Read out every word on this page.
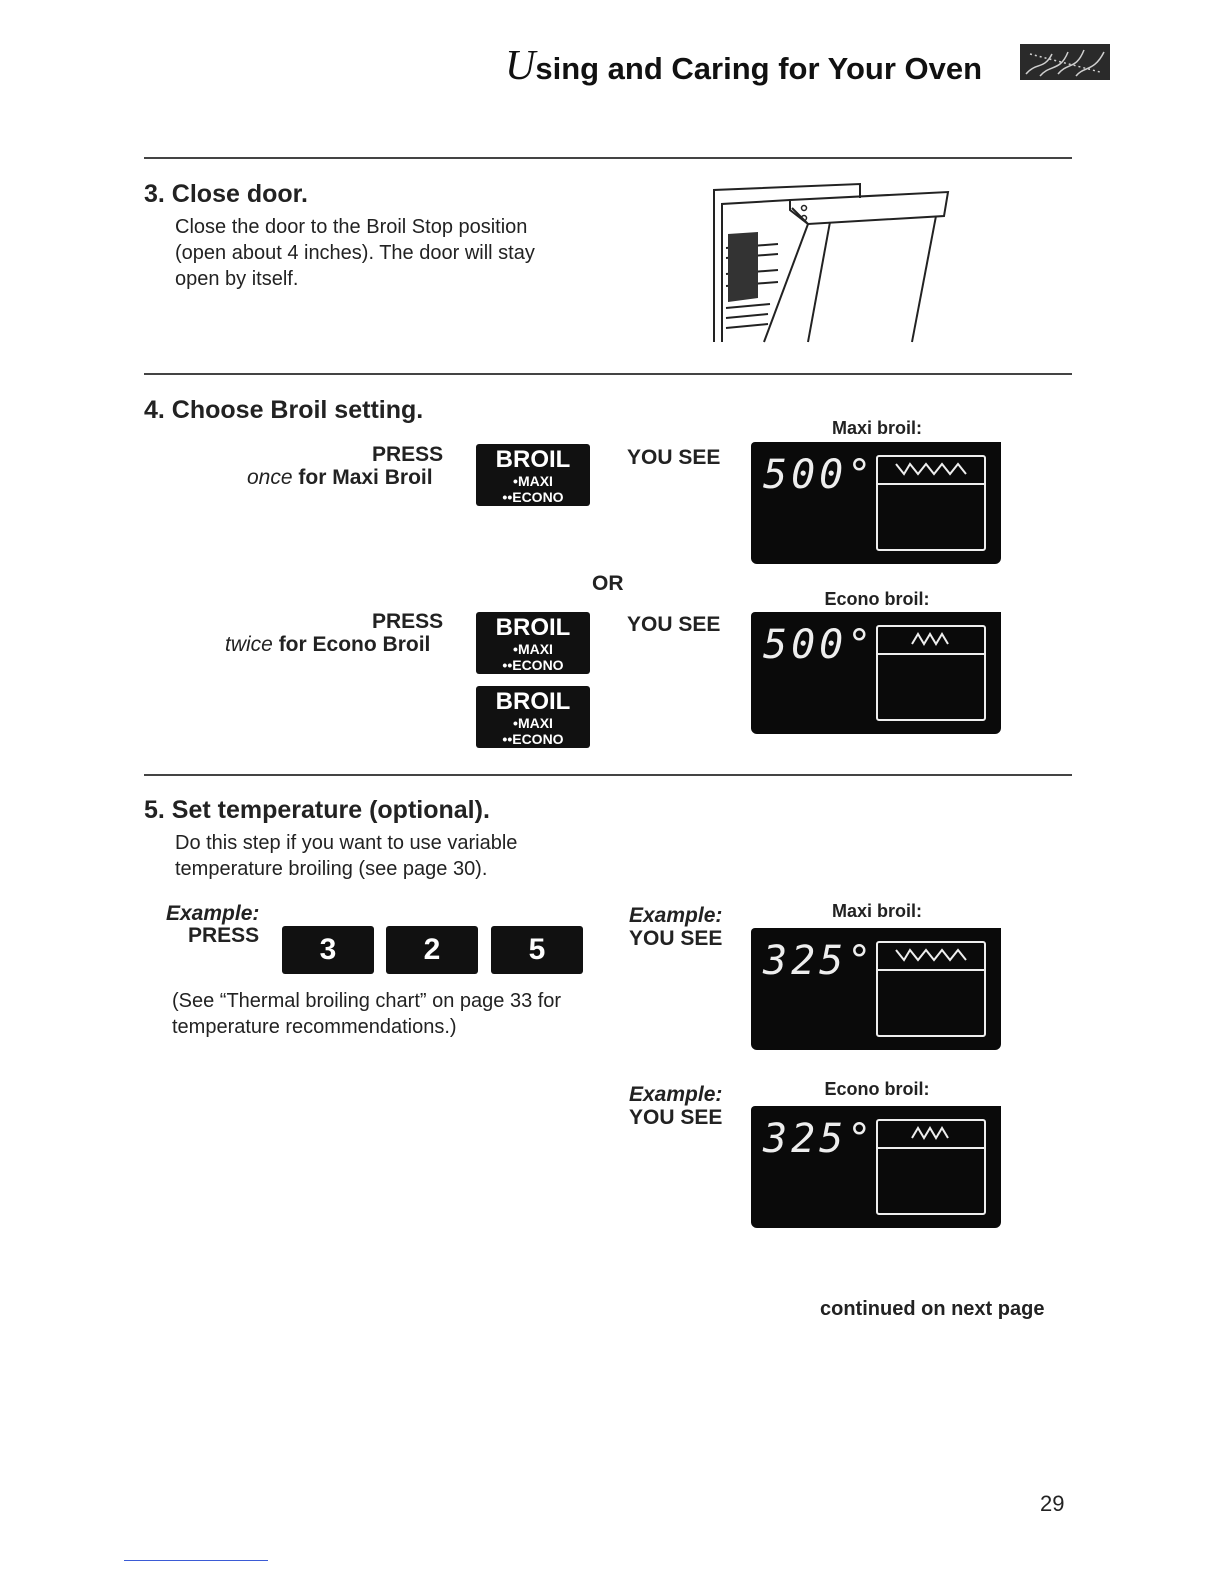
Using and Caring for Your Oven
3. Close door.
Close the door to the Broil Stop position
(open about 4 inches). The door will stay
open by itself.
4. Choose Broil setting.
PRESS
once for Maxi Broil
BROIL
•MAXI
••ECONO
YOU SEE
Maxi broil:
500°
OR
PRESS
twice for Econo Broil
BROIL
•MAXI
••ECONO
BROIL
•MAXI
••ECONO
YOU SEE
Econo broil:
500°
5. Set temperature (optional).
Do this step if you want to use variable
temperature broiling (see page 30).
Example:
PRESS	3	2	5
(See “Thermal broiling chart” on page 33 for
temperature recommendations.)
Example:
YOU SEE
Maxi broil:
325°
Example:
YOU SEE
Econo broil:
325°
continued on next page
29
